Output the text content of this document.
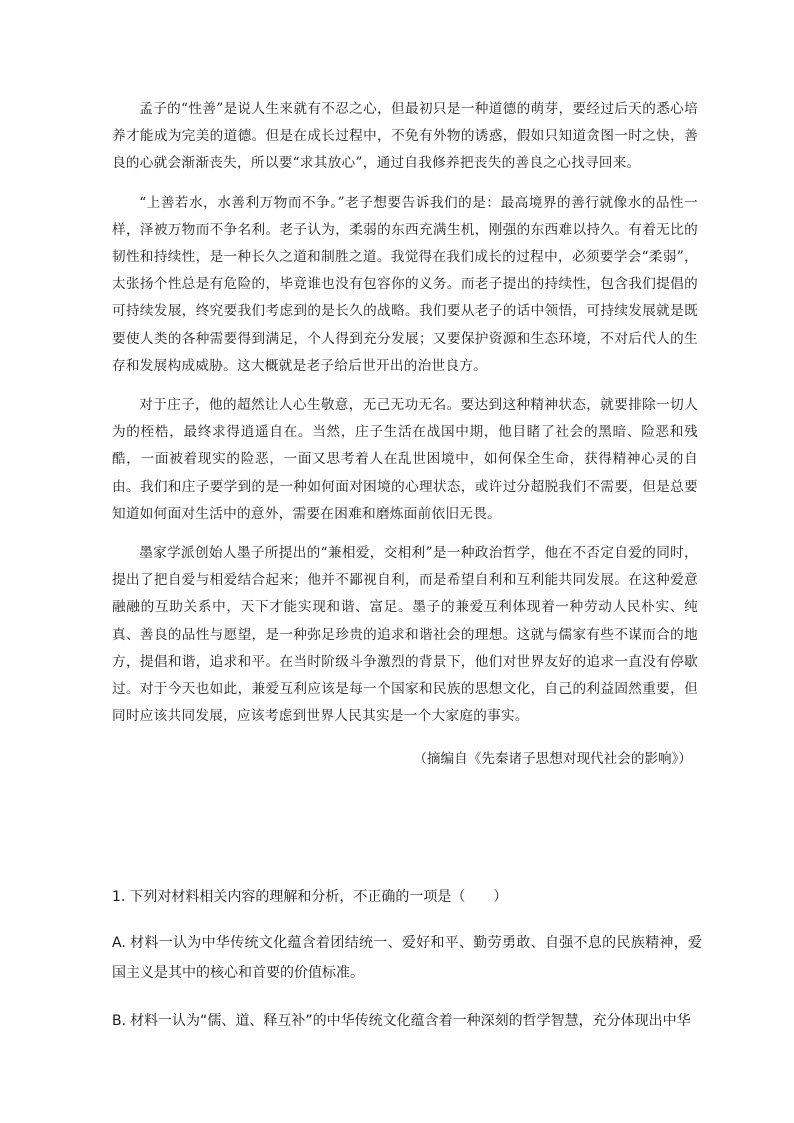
孟子的“性善”是说人生来就有不忍之心，但最初只是一种道德的萌芽，要经过后天的悉心培养才能成为完美的道德。但是在成长过程中，不免有外物的诱惑，假如只知道贪图一时之快，善良的心就会渐渐丧失，所以要“求其放心”，通过自我修养把丧失的善良之心找寻回来。

“上善若水，水善利万物而不争。”老子想要告诉我们的是：最高境界的善行就像水的品性一样，泽被万物而不争名利。老子认为，柔弱的东西充满生机，刚强的东西难以持久。有着无比的韧性和持续性，是一种长久之道和制胜之道。我觉得在我们成长的过程中，必须要学会“柔弱”，太张扬个性总是有危险的，毕竟谁也没有包容你的义务。而老子提出的持续性，包含我们提倡的可持续发展，终究要我们考虑到的是长久的战略。我们要从老子的话中领悟，可持续发展就是既要使人类的各种需要得到满足，个人得到充分发展；又要保护资源和生态环境，不对后代人的生存和发展构成威胁。这大概就是老子给后世开出的治世良方。

对于庄子，他的超然让人心生敬意，无己无功无名。要达到这种精神状态，就要排除一切人为的桎梏，最终求得逍遥自在。当然，庄子生活在战国中期，他目睹了社会的黑暗、险恶和残酷，一面被着现实的险恶，一面又思考着人在乱世困境中，如何保全生命，获得精神心灵的自由。我们和庄子要学到的是一种如何面对困境的心理状态，或许过分超脱我们不需要，但是总要知道如何面对生活中的意外，需要在困难和磨炼面前依旧无畏。

墨家学派创始人墨子所提出的“兼相爱，交相利”是一种政治哲学，他在不否定自爱的同时，提出了把自爱与相爱结合起来；他并不鄙视自利，而是希望自利和互利能共同发展。在这种爱意融融的互助关系中，天下才能实现和谐、富足。墨子的兼爱互利体现着一种劳动人民朴实、纯真、善良的品性与愿望，是一种弥足珍贵的追求和谐社会的理想。这就与儒家有些不谋而合的地方，提倡和谐，追求和平。在当时阶级斗争激烈的背景下，他们对世界友好的追求一直没有停歇过。对于今天也如此，兼爱互利应该是每一个国家和民族的思想文化，自己的利益固然重要，但同时应该共同发展，应该考虑到世界人民其实是一个大家庭的事实。

（摘编自《先秦诸子思想对现代社会的影响》）

1. 下列对材料相关内容的理解和分析，不正确的一项是（　　）

A. 材料一认为中华传统文化蕴含着团结统一、爱好和平、勤劳勇敢、自强不息的民族精神，爱国主义是其中的核心和首要的价值标准。

B. 材料一认为“儒、道、释互补”的中华传统文化蕴含着一种深刻的哲学智慧，充分体现出中华
